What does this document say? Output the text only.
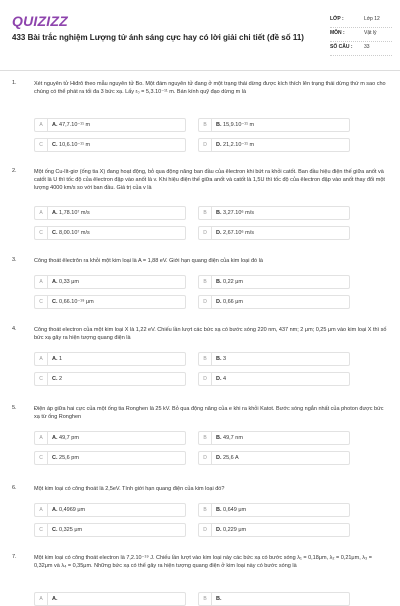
QUIZIZZ
433 Bài trắc nghiệm Lượng tử ánh sáng cực hay có lời giải chi tiết (đề số 11)
LỚP :	Lớp 12
MÔN :	Vật lý
SỐ CÂU : 33
1.	Xét nguyên tử Hiđrô theo mẫu nguyên tử Bo. Một đám nguyên tử đang ở một trạng thái dừng được kích thích lên trạng thái dừng thứ m sao cho chúng có thể phát ra tối đa 3 bức xạ. Lấy r₀ = 5,3.10⁻¹¹ m. Bán kính quỹ đạo dừng m là
A	A. 47,7.10⁻¹¹ m	B	B. 15,9.10⁻¹¹ m
C	C. 10,6.10⁻¹¹ m	D	D. 21,2.10⁻¹¹ m
2.	Một ống Cu-lít-giơ (ống tia X) đang hoạt động, bỏ qua động năng ban đầu của êlectron khi bứt ra khỏi catốt. Ban đầu hiệu điện thế giữa anốt và catốt là U thì tốc độ của êlectron đập vào anốt là v. Khi hiệu điện thế giữa anốt và catốt là 1,5U thì tốc độ của êlectron đập vào anốt thay đổi một lượng 4000 km/s so với ban đầu. Giá trị của v là
A	A. 1,78.10⁷ m/s	B	B. 3,27.10⁶ m/s
C	C. 8,00.10⁷ m/s	D	D. 2,67.10⁶ m/s
3.	Công thoát êlectrôn ra khỏi một kim loại là A = 1,88 eV. Giới hạn quang điện của kim loại đó là
A	A. 0,33 μm	B	B. 0,22 μm
C	C. 0,66.10⁻¹⁹ μm	D	D. 0,66 μm
4.	Công thoát electron của một kim loại X là 1,22 eV. Chiếu lần lượt các bức xạ có bước sóng 220 nm, 437 nm; 2 μm; 0,25 μm vào kim loại X thì số bức xạ gây ra hiện tượng quang điện là
A	A. 1	B	B. 3
C	C. 2	D	D. 4
5.	Điện áp giữa hai cực của một ống tia Ronghen là 25 kV. Bỏ qua động năng của e khi ra khỏi Katot. Bước sóng ngắn nhất của photon được bức xạ từ ống Ronghen
A	A. 49,7 pm	B	B. 49,7 nm
C	C. 25,6 pm	D	D. 25,6 A
6.	Một kim loại có công thoát là 2,5eV. Tính giới hạn quang điện của kim loại đó?
A	A. 0,4969 μm	B	B. 0,649 μm
C	C. 0,325 μm	D	D. 0,229 μm
7.	Một kim loại có công thoát electron là 7,2.10⁻¹⁹ J. Chiếu lần lượt vào kim loại này các bức xạ có bước sóng λ₁ = 0,18μm, λ₂ = 0,21μm, λ₃ = 0,32μm và λ₄ = 0,35μm. Những bức xạ có thể gây ra hiện tượng quang điện ở kim loại này có bước sóng là
A	A.	B	B.
